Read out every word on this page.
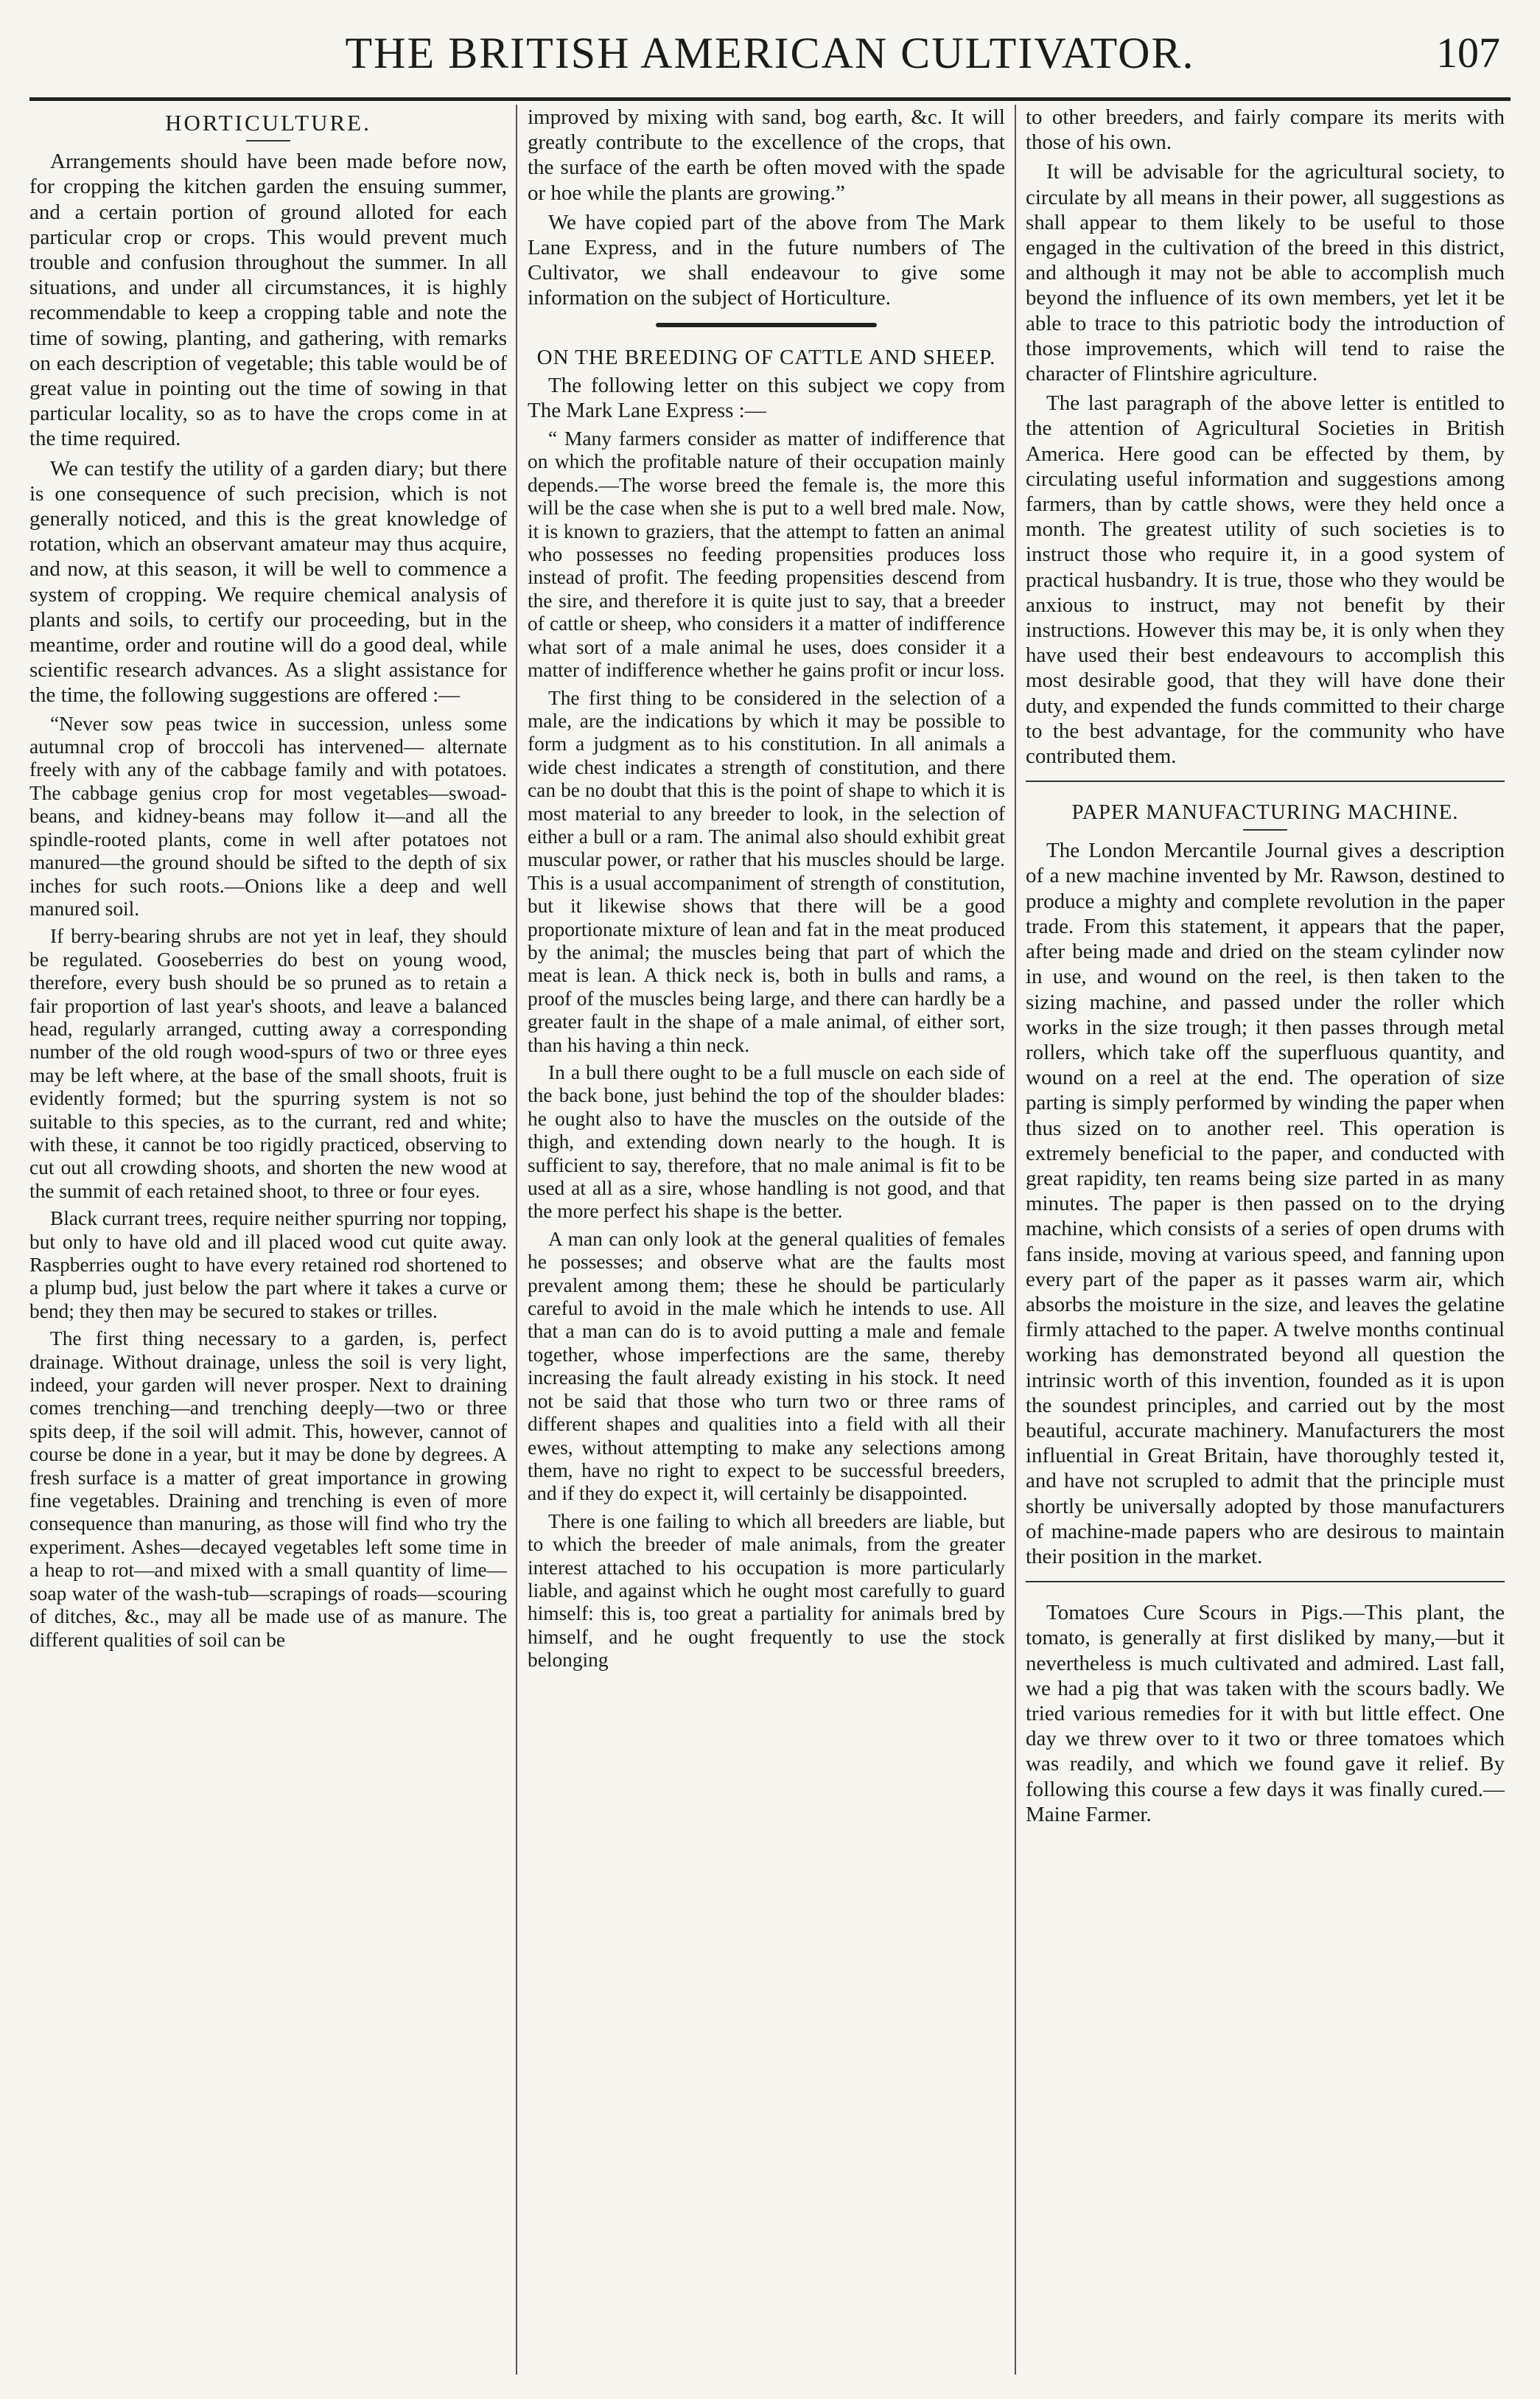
THE BRITISH AMERICAN CULTIVATOR.	107
HORTICULTURE.

Arrangements should have been made before now, for cropping the kitchen garden the ensuing summer, and a certain portion of ground alloted for each particular crop or crops. This would prevent much trouble and confusion throughout the summer. In all situations, and under all circumstances, it is highly recommendable to keep a cropping table and note the time of sowing, planting, and gathering, with remarks on each description of vegetable; this table would be of great value in pointing out the time of sowing in that particular locality, so as to have the crops come in at the time required.

We can testify the utility of a garden diary; but there is one consequence of such precision, which is not generally noticed, and this is the great knowledge of rotation, which an observant amateur may thus acquire, and now, at this season, it will be well to commence a system of cropping. We require chemical analysis of plants and soils, to certify our proceeding, but in the meantime, order and routine will do a good deal, while scientific research advances. As a slight assistance for the time, the following suggestions are offered :—

“Never sow peas twice in succession, unless some autumnal crop of broccoli has intervened— alternate freely with any of the cabbage family and with potatoes. The cabbage genius crop for most vegetables—swoad-beans, and kidney-beans may follow it—and all the spindle-rooted plants, come in well after potatoes not manured—the ground should be sifted to the depth of six inches for such roots.—Onions like a deep and well manured soil.

If berry-bearing shrubs are not yet in leaf, they should be regulated. Gooseberries do best on young wood, therefore, every bush should be so pruned as to retain a fair proportion of last year's shoots, and leave a balanced head, regularly arranged, cutting away a corresponding number of the old rough wood-spurs of two or three eyes may be left where, at the base of the small shoots, fruit is evidently formed; but the spurring system is not so suitable to this species, as to the currant, red and white; with these, it cannot be too rigidly practiced, observing to cut out all crowding shoots, and shorten the new wood at the summit of each retained shoot, to three or four eyes.

Black currant trees, require neither spurring nor topping, but only to have old and ill placed wood cut quite away. Raspberries ought to have every retained rod shortened to a plump bud, just below the part where it takes a curve or bend; they then may be secured to stakes or trilles.

The first thing necessary to a garden, is, perfect drainage. Without drainage, unless the soil is very light, indeed, your garden will never prosper. Next to draining comes trenching—and trenching deeply—two or three spits deep, if the soil will admit. This, however, cannot of course be done in a year, but it may be done by degrees. A fresh surface is a matter of great importance in growing fine vegetables. Draining and trenching is even of more consequence than manuring, as those will find who try the experiment. Ashes—decayed vegetables left some time in a heap to rot—and mixed with a small quantity of lime—soap water of the wash-tub—scrapings of roads—scouring of ditches, &c., may all be made use of as manure. The different qualities of soil can be

improved by mixing with sand, bog earth, &c. It will greatly contribute to the excellence of the crops, that the surface of the earth be often moved with the spade or hoe while the plants are growing.”

We have copied part of the above from The Mark Lane Express, and in the future numbers of The Cultivator, we shall endeavour to give some information on the subject of Horticulture.

ON THE BREEDING OF CATTLE AND SHEEP.

The following letter on this subject we copy from The Mark Lane Express :—

“ Many farmers consider as matter of indifference that on which the profitable nature of their occupation mainly depends.—The worse breed the female is, the more this will be the case when she is put to a well bred male. Now, it is known to graziers, that the attempt to fatten an animal who possesses no feeding propensities produces loss instead of profit. The feeding propensities descend from the sire, and therefore it is quite just to say, that a breeder of cattle or sheep, who considers it a matter of indifference what sort of a male animal he uses, does consider it a matter of indifference whether he gains profit or incur loss.

The first thing to be considered in the selection of a male, are the indications by which it may be possible to form a judgment as to his constitution. In all animals a wide chest indicates a strength of constitution, and there can be no doubt that this is the point of shape to which it is most material to any breeder to look, in the selection of either a bull or a ram. The animal also should exhibit great muscular power, or rather that his muscles should be large. This is a usual accompaniment of strength of constitution, but it likewise shows that there will be a good proportionate mixture of lean and fat in the meat produced by the animal; the muscles being that part of which the meat is lean. A thick neck is, both in bulls and rams, a proof of the muscles being large, and there can hardly be a greater fault in the shape of a male animal, of either sort, than his having a thin neck.

In a bull there ought to be a full muscle on each side of the back bone, just behind the top of the shoulder blades: he ought also to have the muscles on the outside of the thigh, and extending down nearly to the hough. It is sufficient to say, therefore, that no male animal is fit to be used at all as a sire, whose handling is not good, and that the more perfect his shape is the better.

A man can only look at the general qualities of females he possesses; and observe what are the faults most prevalent among them; these he should be particularly careful to avoid in the male which he intends to use. All that a man can do is to avoid putting a male and female together, whose imperfections are the same, thereby increasing the fault already existing in his stock. It need not be said that those who turn two or three rams of different shapes and qualities into a field with all their ewes, without attempting to make any selections among them, have no right to expect to be successful breeders, and if they do expect it, will certainly be disappointed.

There is one failing to which all breeders are liable, but to which the breeder of male animals, from the greater interest attached to his occupation is more particularly liable, and against which he ought most carefully to guard himself: this is, too great a partiality for animals bred by himself, and he ought frequently to use the stock belonging

to other breeders, and fairly compare its merits with those of his own.

It will be advisable for the agricultural society, to circulate by all means in their power, all suggestions as shall appear to them likely to be useful to those engaged in the cultivation of the breed in this district, and although it may not be able to accomplish much beyond the influence of its own members, yet let it be able to trace to this patriotic body the introduction of those improvements, which will tend to raise the character of Flintshire agriculture.

The last paragraph of the above letter is entitled to the attention of Agricultural Societies in British America. Here good can be effected by them, by circulating useful information and suggestions among farmers, than by cattle shows, were they held once a month. The greatest utility of such societies is to instruct those who require it, in a good system of practical husbandry. It is true, those who they would be anxious to instruct, may not benefit by their instructions. However this may be, it is only when they have used their best endeavours to accomplish this most desirable good, that they will have done their duty, and expended the funds committed to their charge to the best advantage, for the community who have contributed them.

PAPER MANUFACTURING MACHINE.

The London Mercantile Journal gives a description of a new machine invented by Mr. Rawson, destined to produce a mighty and complete revolution in the paper trade. From this statement, it appears that the paper, after being made and dried on the steam cylinder now in use, and wound on the reel, is then taken to the sizing machine, and passed under the roller which works in the size trough; it then passes through metal rollers, which take off the superfluous quantity, and wound on a reel at the end. The operation of size parting is simply performed by winding the paper when thus sized on to another reel. This operation is extremely beneficial to the paper, and conducted with great rapidity, ten reams being size parted in as many minutes. The paper is then passed on to the drying machine, which consists of a series of open drums with fans inside, moving at various speed, and fanning upon every part of the paper as it passes warm air, which absorbs the moisture in the size, and leaves the gelatine firmly attached to the paper. A twelve months continual working has demonstrated beyond all question the intrinsic worth of this invention, founded as it is upon the soundest principles, and carried out by the most beautiful, accurate machinery. Manufacturers the most influential in Great Britain, have thoroughly tested it, and have not scrupled to admit that the principle must shortly be universally adopted by those manufacturers of machine-made papers who are desirous to maintain their position in the market.

Tomatoes Cure Scours in Pigs.—This plant, the tomato, is generally at first disliked by many,—but it nevertheless is much cultivated and admired. Last fall, we had a pig that was taken with the scours badly. We tried various remedies for it with but little effect. One day we threw over to it two or three tomatoes which was readily, and which we found gave it relief. By following this course a few days it was finally cured.—Maine Farmer.
